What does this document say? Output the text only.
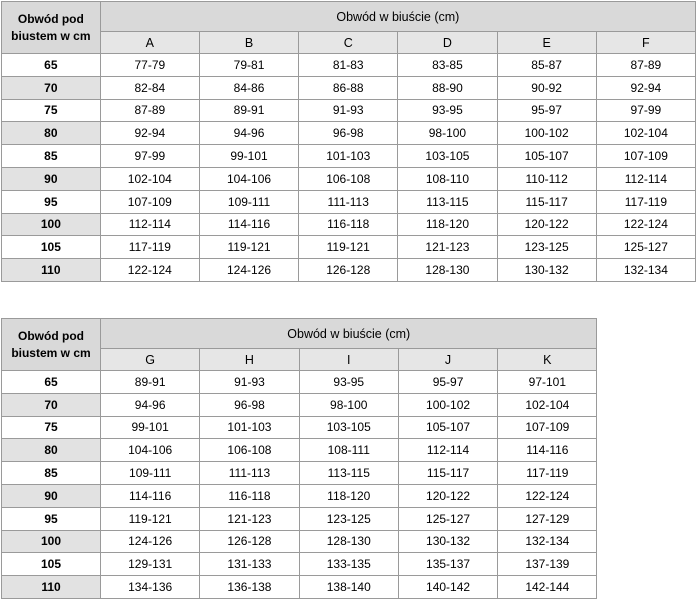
Obwód pod biustem w cm	Obwód w biuście (cm)					
	A	B	C	D	E	F
65	77-79	79-81	81-83	83-85	85-87	87-89
70	82-84	84-86	86-88	88-90	90-92	92-94
75	87-89	89-91	91-93	93-95	95-97	97-99
80	92-94	94-96	96-98	98-100	100-102	102-104
85	97-99	99-101	101-103	103-105	105-107	107-109
90	102-104	104-106	106-108	108-110	110-112	112-114
95	107-109	109-111	111-113	113-115	115-117	117-119
100	112-114	114-116	116-118	118-120	120-122	122-124
105	117-119	119-121	119-121	121-123	123-125	125-127
110	122-124	124-126	126-128	128-130	130-132	132-134
Obwód pod biustem w cm	Obwód w biuście (cm)				
	G	H	I	J	K
65	89-91	91-93	93-95	95-97	97-101
70	94-96	96-98	98-100	100-102	102-104
75	99-101	101-103	103-105	105-107	107-109
80	104-106	106-108	108-111	112-114	114-116
85	109-111	111-113	113-115	115-117	117-119
90	114-116	116-118	118-120	120-122	122-124
95	119-121	121-123	123-125	125-127	127-129
100	124-126	126-128	128-130	130-132	132-134
105	129-131	131-133	133-135	135-137	137-139
110	134-136	136-138	138-140	140-142	142-144
